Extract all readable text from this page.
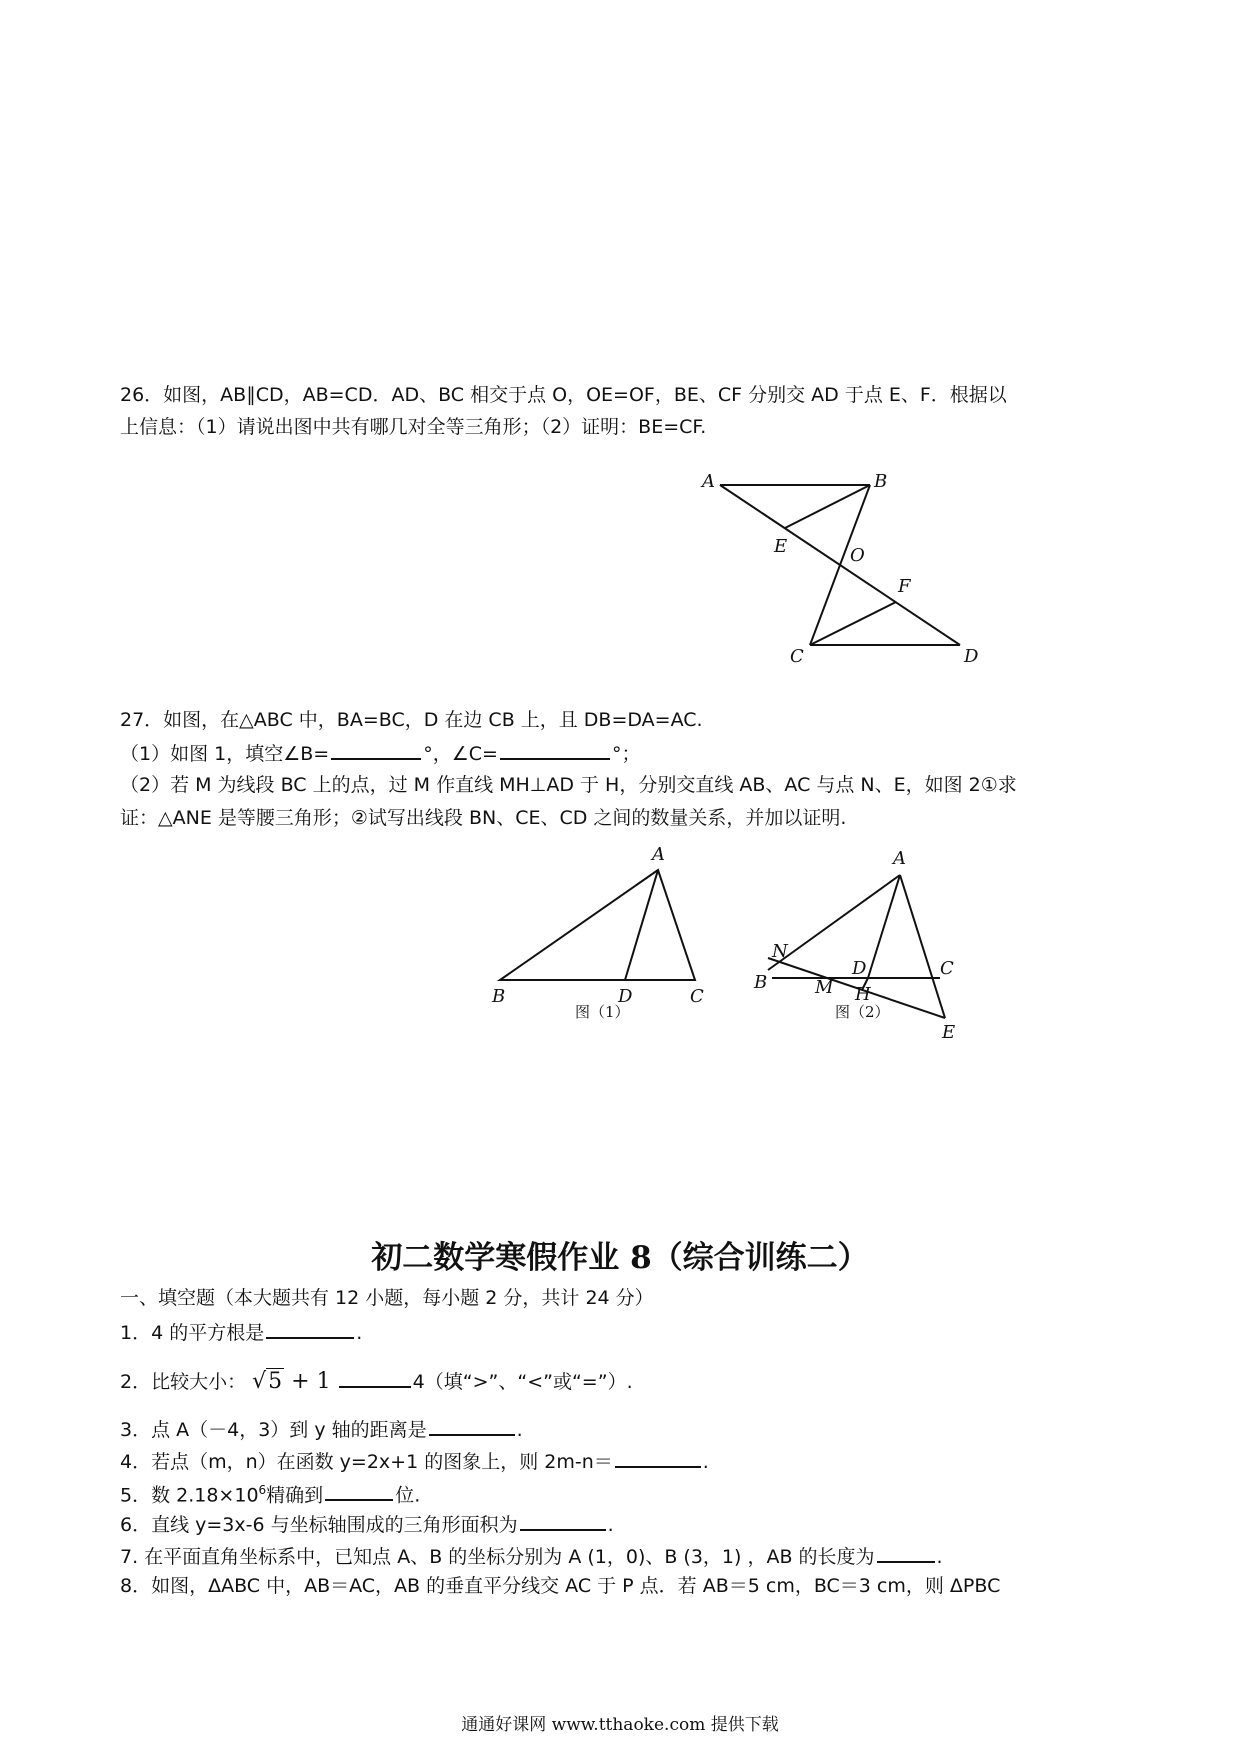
26．如图，AB∥CD，AB=CD．AD、BC 相交于点 O，OE=OF，BE、CF 分别交 AD 于点 E、F．根据以
上信息：（1）请说出图中共有哪几对全等三角形；（2）证明：BE=CF.
A	B
C	D
E
F
O
27．如图，在△ABC 中，BA=BC，D 在边 CB 上，且 DB=DA=AC.
（1）如图 1，填空∠B=	°，∠C=	°；
（2）若 M 为线段 BC 上的点，过 M 作直线 MH⊥AD 于 H，分别交直线 AB、AC 与点 N、E，如图 2①求
证：△ANE 是等腰三角形；②试写出线段 BN、CE、CD 之间的数量关系，并加以证明.
A
B	D	C
图（1）
A
N
B	M
D
H
C
E
图（2）
初二数学寒假作业 8（综合训练二）
一、填空题（本大题共有 12 小题，每小题 2 分，共计 24 分）
1．4 的平方根是	.
2．比较大小： √5 + 1	4（填“>”、“<”或“=”）.
3．点 A（－4，3）到 y 轴的距离是	.
4．若点（m，n）在函数 y=2x+1 的图象上，则 2m-n＝	.
5．数 $2.18\times 10^6$精确到	位.
6．直线 y=3x-6 与坐标轴围成的三角形面积为	.
7. 在平面直角坐标系中，已知点 A、B 的坐标分别为 A (1，0)、B (3，1) ，AB 的长度为	.
8．如图，ΔABC 中，AB＝AC，AB 的垂直平分线交 AC 于 P 点．若 AB＝5 cm，BC＝3 cm，则 ΔPBC
通通好课网 www.tthaoke.com 提供下载
